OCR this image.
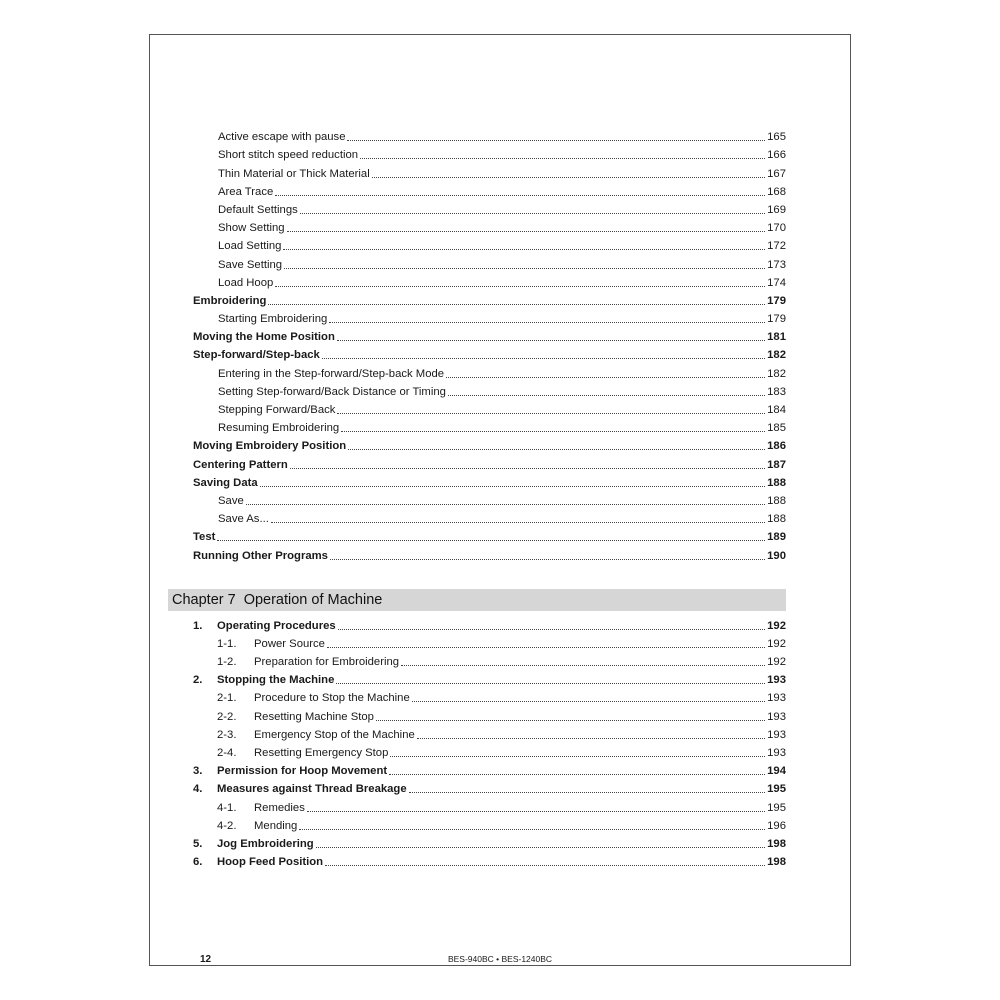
Active escape with pause	165
Short stitch speed reduction	166
Thin Material or Thick Material	167
Area Trace	168
Default Settings	169
Show Setting	170
Load Setting	172
Save Setting	173
Load Hoop	174
Embroidering	179
Starting Embroidering	179
Moving the Home Position	181
Step-forward/Step-back	182
Entering in the Step-forward/Step-back Mode	182
Setting Step-forward/Back Distance or Timing	183
Stepping Forward/Back	184
Resuming Embroidering	185
Moving Embroidery Position	186
Centering Pattern	187
Saving Data	188
Save	188
Save As...	188
Test	189
Running Other Programs	190
Chapter 7 Operation of Machine
1. Operating Procedures	192
1-1. Power Source	192
1-2. Preparation for Embroidering	192
2. Stopping the Machine	193
2-1. Procedure to Stop the Machine	193
2-2. Resetting Machine Stop	193
2-3. Emergency Stop of the Machine	193
2-4. Resetting Emergency Stop	193
3. Permission for Hoop Movement	194
4. Measures against Thread Breakage	195
4-1. Remedies	195
4-2. Mending	196
5. Jog Embroidering	198
6. Hoop Feed Position	198
12	BES-940BC • BES-1240BC
